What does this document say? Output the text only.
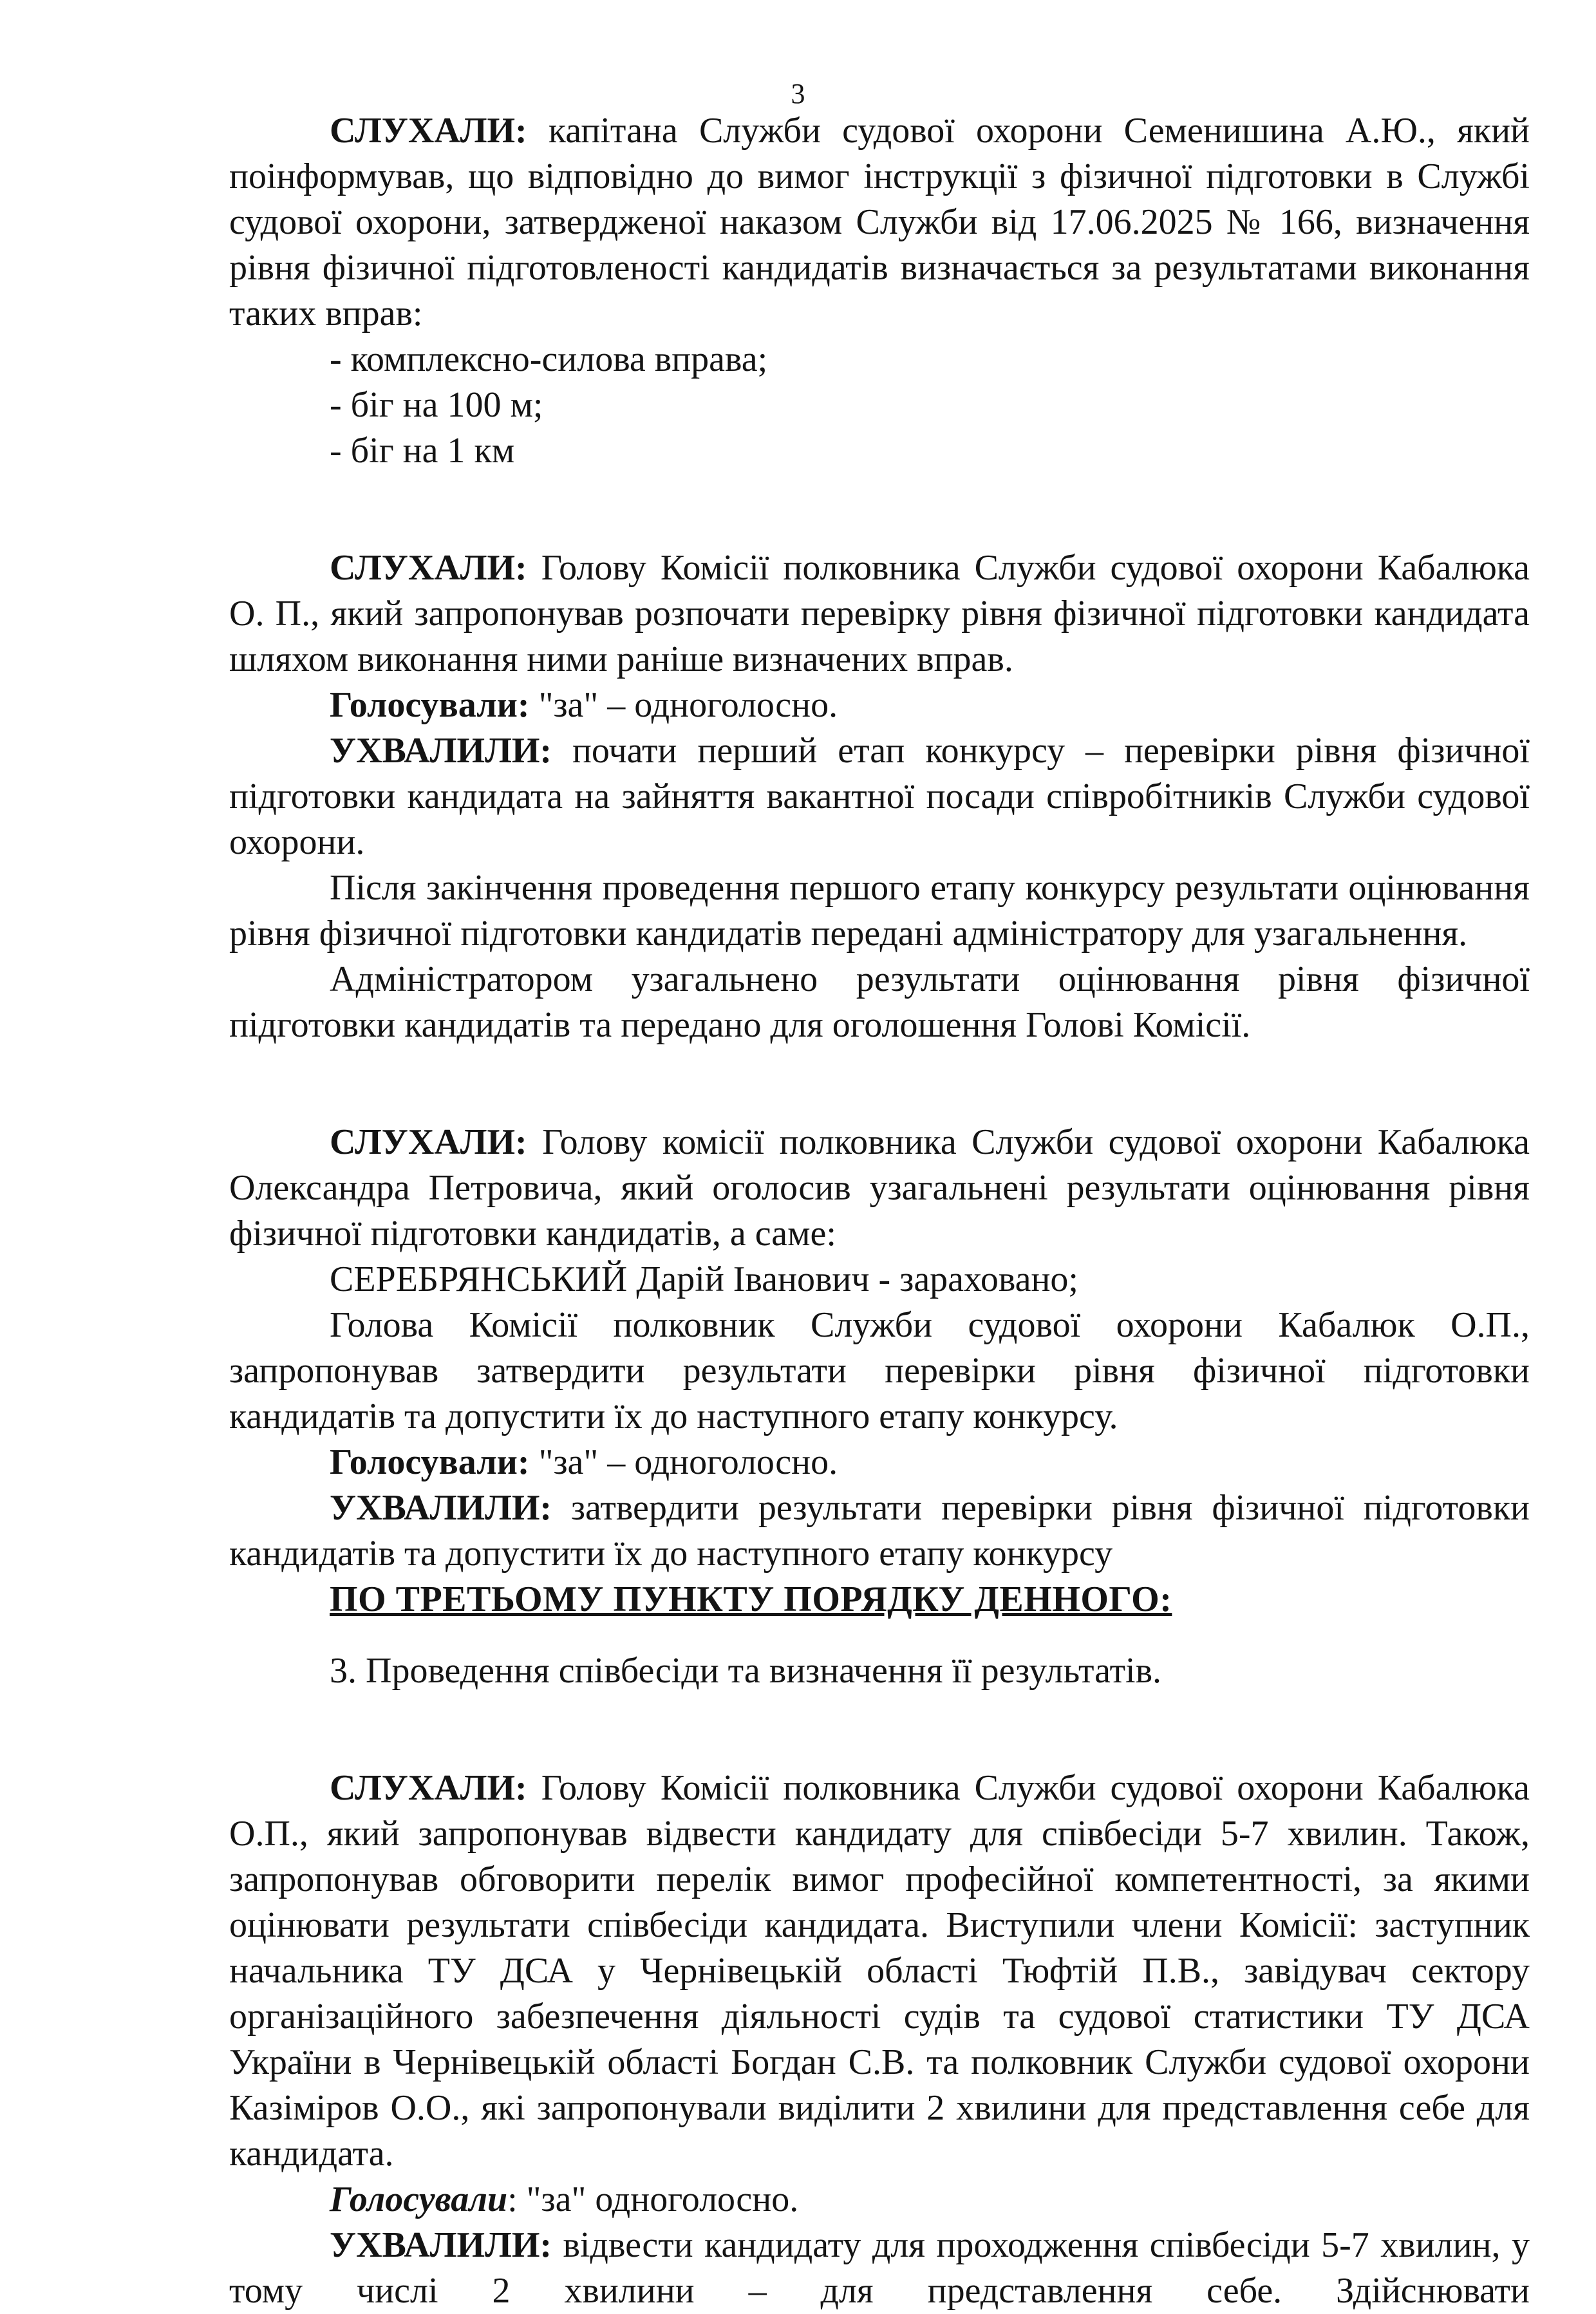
3

СЛУХАЛИ: капітана Служби судової охорони Семенишина А.Ю., який поінформував, що відповідно до вимог інструкції з фізичної підготовки в Службі судової охорони, затвердженої наказом Служби від 17.06.2025 № 166, визначення рівня фізичної підготовленості кандидатів визначається за результатами виконання таких вправ:

- комплексно-силова вправа;
- біг на 100 м;
- біг на 1 км

СЛУХАЛИ: Голову Комісії полковника Служби судової охорони Кабалюка О. П., який запропонував розпочати перевірку рівня фізичної підготовки кандидата шляхом виконання ними раніше визначених вправ.

Голосували: "за" – одноголосно.

УХВАЛИЛИ: почати перший етап конкурсу – перевірки рівня фізичної підготовки кандидата на зайняття вакантної посади співробітників Служби судової охорони.

Після закінчення проведення першого етапу конкурсу результати оцінювання рівня фізичної підготовки кандидатів передані адміністратору для узагальнення.

Адміністратором узагальнено результати оцінювання рівня фізичної підготовки кандидатів та передано для оголошення Голові Комісії.

СЛУХАЛИ: Голову комісії полковника Служби судової охорони Кабалюка Олександра Петровича, який оголосив узагальнені результати оцінювання рівня фізичної підготовки кандидатів, а саме:

СЕРЕБРЯНСЬКИЙ Дарій Іванович - зараховано;

Голова Комісії полковник Служби судової охорони Кабалюк О.П., запропонував затвердити результати перевірки рівня фізичної підготовки кандидатів та допустити їх до наступного етапу конкурсу.

Голосували: "за" – одноголосно.

УХВАЛИЛИ: затвердити результати перевірки рівня фізичної підготовки кандидатів та допустити їх до наступного етапу конкурсу

ПО ТРЕТЬОМУ ПУНКТУ ПОРЯДКУ ДЕННОГО:

3. Проведення співбесіди та визначення її результатів.

СЛУХАЛИ: Голову Комісії полковника Служби судової охорони Кабалюка О.П., який запропонував відвести кандидату для співбесіди 5-7 хвилин. Також, запропонував обговорити перелік вимог професійної компетентності, за якими оцінювати результати співбесіди кандидата. Виступили члени Комісії: заступник начальника ТУ ДСА у Чернівецькій області Тюфтій П.В., завідувач сектору організаційного забезпечення діяльності судів та судової статистики ТУ ДСА України в Чернівецькій області Богдан С.В. та полковник Служби судової охорони Казіміров О.О., які запропонували виділити 2 хвилини для представлення себе для кандидата.

Голосували: "за" одноголосно.

УХВАЛИЛИ: відвести кандидату для проходження співбесіди 5-7 хвилин, у тому числі 2 хвилини – для представлення себе. Здійснювати
